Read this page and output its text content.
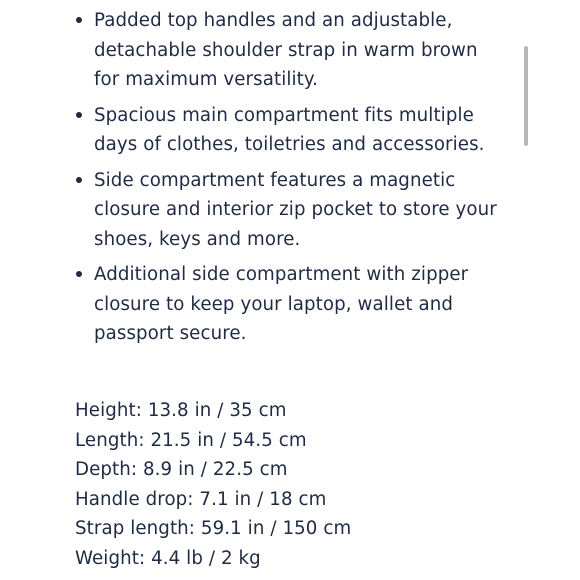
Padded top handles and an adjustable,
detachable shoulder strap in warm brown
for maximum versatility.
Spacious main compartment fits multiple
days of clothes, toiletries and accessories.
Side compartment features a magnetic
closure and interior zip pocket to store your
shoes, keys and more.
Additional side compartment with zipper
closure to keep your laptop, wallet and
passport secure.
Height: 13.8 in / 35 cm
Length: 21.5 in / 54.5 cm
Depth: 8.9 in / 22.5 cm
Handle drop: 7.1 in / 18 cm
Strap length: 59.1 in / 150 cm
Weight: 4.4 lb / 2 kg
